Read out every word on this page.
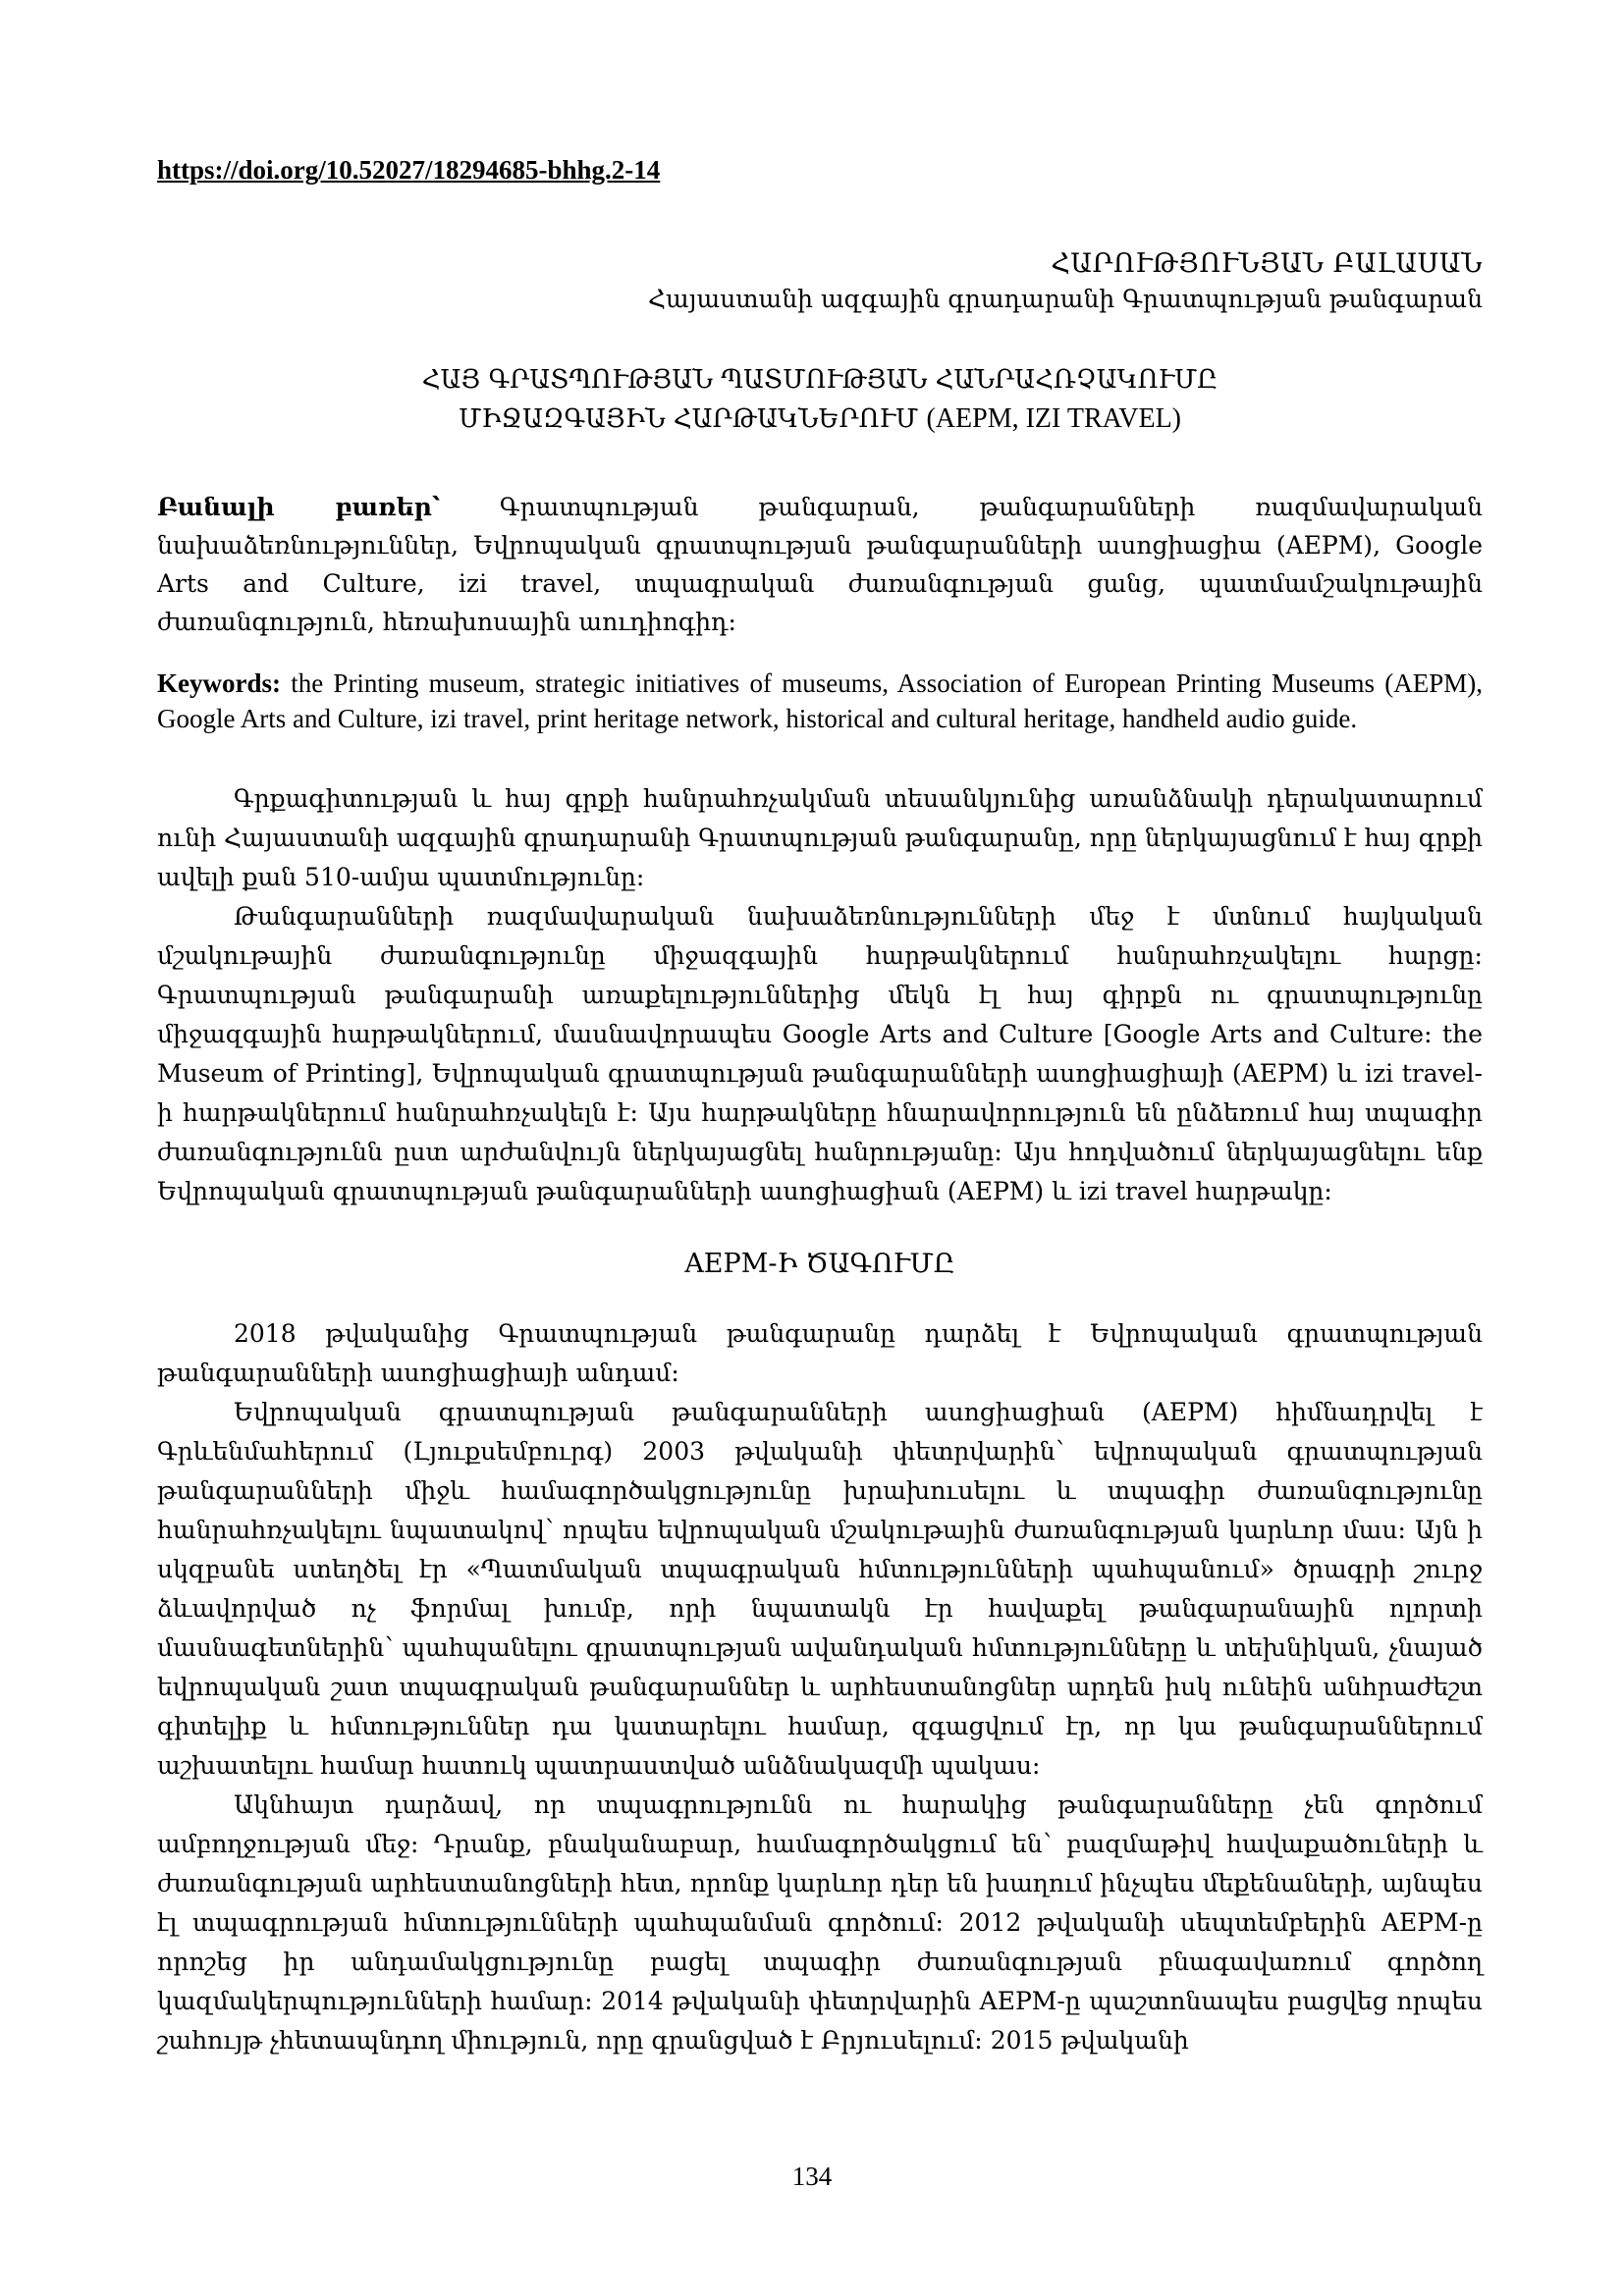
https://doi.org/10.52027/18294685-bhhg.2-14
ՀԱՐՈՒԹՅՈՒՆՅԱՆ ԲԱԼԱՍԱՆ
Հայաստանի ազգային գրադարանի Գրատպության թանգարան
ՀԱՅ ԳՐԱՏՊՈՒԹՅԱՆ ՊԱՏՄՈՒԹՅԱՆ ՀԱՆՐԱՀՌՉԱԿՈՒՄԸ
ՄԻՋԱԶԳԱՅԻՆ ՀԱՐԹԱԿՆԵՐՈՒՄ (AEPM, IZI TRAVEL)

Բանալի բառեր՝ Գրատպության թանգարան, թանգարանների ռազմավարական նախաձեռնություններ, Եվրոպական գրատպության թանգարանների ասոցիացիա (AEPM), Google Arts and Culture, izi travel, տպագրական ժառանգության ցանց, պատմամշակութային ժառանգություն, հեռախոսային աուդիոգիդ։

Keywords: the Printing museum, strategic initiatives of museums, Association of European Printing Museums (AEPM), Google Arts and Culture, izi travel, print heritage network, historical and cultural heritage, handheld audio guide.

Գրքագիտության և հայ գրքի հանրահռչակման տեսանկյունից առանձնակի դերակատարում ունի Հայաստանի ազգային գրադարանի Գրատպության թանգարանը, որը ներկայացնում է հայ գրքի ավելի քան 510-ամյա պատմությունը։

Թանգարանների ռազմավարական նախաձեռնությունների մեջ է մտնում հայկական մշակութային ժառանգությունը միջազգային հարթակներում հանրահռչակելու հարցը։ Գրատպության թանգարանի առաքելություններից մեկն էլ հայ գիրքն ու գրատպությունը միջազգային հարթակներում, մասնավորապես Google Arts and Culture [Google Arts and Culture: the Museum of Printing], Եվրոպական գրատպության թանգարանների ասոցիացիայի (AEPM) և izi travel-ի հարթակներում հանրահռչակելն է։ Այս հարթակները հնարավորություն են ընձեռում հայ տպագիր ժառանգությունն ըստ արժանվույն ներկայացնել հանրությանը։ Այս հոդվածում ներկայացնելու ենք Եվրոպական գրատպության թանգարանների ասոցիացիան (AEPM) և izi travel հարթակը։

AEPM-Ի ԾԱԳՈՒՄԸ

2018 թվականից Գրատպության թանգարանը դարձել է Եվրոպական գրատպության թանգարանների ասոցիացիայի անդամ։

Եվրոպական գրատպության թանգարանների ասոցիացիան (AEPM) հիմնադրվել է Գրևենմաhերում (Լյուքսեմբուրգ) 2003 թվականի փետրվարին՝ եվրոպական գրատպության թանգարանների միջև համագործակցությունը խրախուսելու և տպագիր ժառանգությունը հանրահռչակելու նպատակով՝ որպես եվրոպական մշակութային ժառանգության կարևոր մաս։ Այն ի սկզբանե ստեղծել էր «Պատմական տպագրական հմտությունների պահպանում» ծրագրի շուրջ ձևավորված ոչ ֆորմալ խումբ, որի նպատակն էր հավաքել թանգարանային ոլորտի մասնագետներին՝ պահպանելու գրատպության ավանդական հմտությունները և տեխնիկան, չնայած եվրոպական շատ տպագրական թանգարաններ և արհեստանոցներ արդեն իսկ ունեին անհրաժեշտ գիտելիք և հմտություններ դա կատարելու համար, զգացվում էր, որ կա թանգարաններում աշխատելու համար հատուկ պատրաստված անձնակազմի պակաս։

Ակնհայտ դարձավ, որ տպագրությունն ու հարակից թանգարանները չեն գործում ամբողջության մեջ։ Դրանք, բնականաբար, համագործակցում են՝ բազմաթիվ հավաքածուների և ժառանգության արհեստանոցների հետ, որոնք կարևոր դեր են խաղում ինչպես մեքենաների, այնպես էլ տպագրության հմտությունների պահպանման գործում։ 2012 թվականի սեպտեմբերին AEPM-ը որոշեց իր անդամակցությունը բացել տպագիր ժառանգության բնագավառում գործող կազմակերպությունների համար։ 2014 թվականի փետրվարին AEPM-ը պաշտոնապես բացվեց որպես շահույթ չհետապնդող միություն, որը գրանցված է Բրյուսելում։ 2015 թվականի

134
